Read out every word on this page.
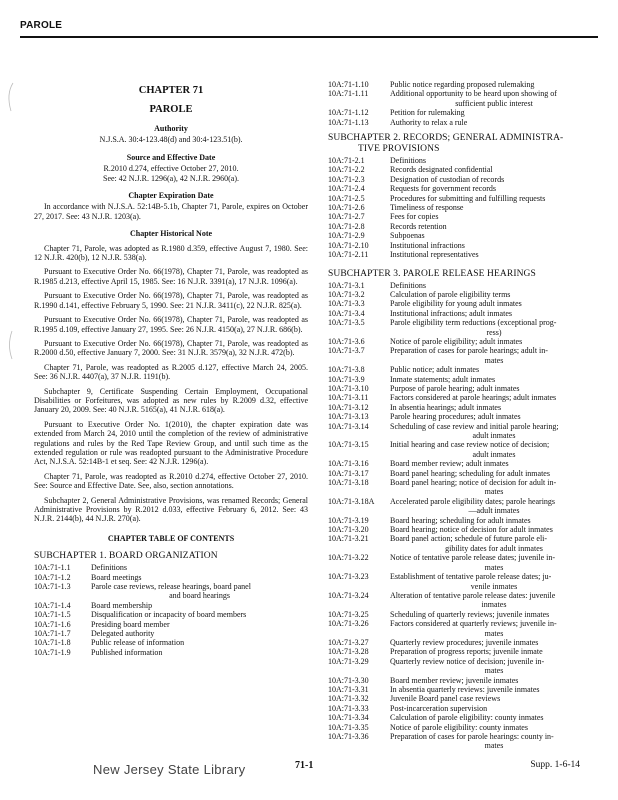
PAROLE
CHAPTER 71
PAROLE
Authority
N.J.S.A. 30:4-123.48(d) and 30:4-123.51(b).
Source and Effective Date
R.2010 d.274, effective October 27, 2010.
See: 42 N.J.R. 1296(a), 42 N.J.R. 2960(a).
Chapter Expiration Date

In accordance with N.J.S.A. 52:14B-5.1b, Chapter 71, Parole, expires on October 27, 2017. See: 43 N.J.R. 1203(a).

Chapter Historical Note

Chapter 71, Parole, was adopted as R.1980 d.359, effective August 7, 1980. See: 12 N.J.R. 420(b), 12 N.J.R. 538(a).

Pursuant to Executive Order No. 66(1978), Chapter 71, Parole, was readopted as R.1985 d.213, effective April 15, 1985. See: 16 N.J.R. 3391(a), 17 N.J.R. 1096(a).

Pursuant to Executive Order No. 66(1978), Chapter 71, Parole, was readopted as R.1990 d.141, effective February 5, 1990. See: 21 N.J.R. 3411(c), 22 N.J.R. 825(a).

Pursuant to Executive Order No. 66(1978), Chapter 71, Parole, was readopted as R.1995 d.109, effective January 27, 1995. See: 26 N.J.R. 4150(a), 27 N.J.R. 686(b).

Pursuant to Executive Order No. 66(1978), Chapter 71, Parole, was readopted as R.2000 d.50, effective January 7, 2000. See: 31 N.J.R. 3579(a), 32 N.J.R. 472(b).

Chapter 71, Parole, was readopted as R.2005 d.127, effective March 24, 2005. See: 36 N.J.R. 4407(a), 37 N.J.R. 1191(b).

Subchapter 9, Certificate Suspending Certain Employment, Occupational Disabilities or Forfeitures, was adopted as new rules by R.2009 d.32, effective January 20, 2009. See: 40 N.J.R. 5165(a), 41 N.J.R. 618(a).

Pursuant to Executive Order No. 1(2010), the chapter expiration date was extended from March 24, 2010 until the completion of the review of administrative regulations and rules by the Red Tape Review Group, and until such time as the extended regulation or rule was readopted pursuant to the Administrative Procedure Act, N.J.S.A. 52:14B-1 et seq. See: 42 N.J.R. 1296(a).

Chapter 71, Parole, was readopted as R.2010 d.274, effective October 27, 2010. See: Source and Effective Date. See, also, section annotations.

Subchapter 2, General Administrative Provisions, was renamed Records; General Administrative Provisions by R.2012 d.033, effective February 6, 2012. See: 43 N.J.R. 2144(b), 44 N.J.R. 270(a).

CHAPTER TABLE OF CONTENTS
SUBCHAPTER 1. BOARD ORGANIZATION
10A:71-1.1	Definitions
10A:71-1.2	Board meetings
10A:71-1.3	Parole case reviews, release hearings, board panel
and board hearings
10A:71-1.4	Board membership
10A:71-1.5	Disqualification or incapacity of board members
10A:71-1.6	Presiding board member
10A:71-1.7	Delegated authority
10A:71-1.8	Public release of information
10A:71-1.9	Published information
10A:71-1.10	Public notice regarding proposed rulemaking
10A:71-1.11	Additional opportunity to be heard upon showing of
sufficient public interest
10A:71-1.12	Petition for rulemaking
10A:71-1.13	Authority to relax a rule
SUBCHAPTER 2. RECORDS; GENERAL ADMINISTRA-
TIVE PROVISIONS
10A:71-2.1	Definitions
10A:71-2.2	Records designated confidential
10A:71-2.3	Designation of custodian of records
10A:71-2.4	Requests for government records
10A:71-2.5	Procedures for submitting and fulfilling requests
10A:71-2.6	Timeliness of response
10A:71-2.7	Fees for copies
10A:71-2.8	Records retention
10A:71-2.9	Subpoenas
10A:71-2.10	Institutional infractions
10A:71-2.11	Institutional representatives
SUBCHAPTER 3. PAROLE RELEASE HEARINGS
10A:71-3.1	Definitions
10A:71-3.2	Calculation of parole eligibility terms
10A:71-3.3	Parole eligibility for young adult inmates
10A:71-3.4	Institutional infractions; adult inmates
10A:71-3.5	Parole eligibility term reductions (exceptional prog-
ress)
10A:71-3.6	Notice of parole eligibility; adult inmates
10A:71-3.7	Preparation of cases for parole hearings; adult in-
mates
10A:71-3.8	Public notice; adult inmates
10A:71-3.9	Inmate statements; adult inmates
10A:71-3.10	Purpose of parole hearing; adult inmates
10A:71-3.11	Factors considered at parole hearings; adult inmates
10A:71-3.12	In absentia hearings; adult inmates
10A:71-3.13	Parole hearing procedures; adult inmates
10A:71-3.14	Scheduling of case review and initial parole hearing;
adult inmates
10A:71-3.15	Initial hearing and case review notice of decision;
adult inmates
10A:71-3.16	Board member review; adult inmates
10A:71-3.17	Board panel hearing; scheduling for adult inmates
10A:71-3.18	Board panel hearing; notice of decision for adult in-
mates
10A:71-3.18A	Accelerated parole eligibility dates; parole hearings
—adult inmates
10A:71-3.19	Board hearing; scheduling for adult inmates
10A:71-3.20	Board hearing; notice of decision for adult inmates
10A:71-3.21	Board panel action; schedule of future parole eli-
gibility dates for adult inmates
10A:71-3.22	Notice of tentative parole release dates; juvenile in-
mates
10A:71-3.23	Establishment of tentative parole release dates; ju-
venile inmates
10A:71-3.24	Alteration of tentative parole release dates: juvenile
inmates
10A:71-3.25	Scheduling of quarterly reviews; juvenile inmates
10A:71-3.26	Factors considered at quarterly reviews; juvenile in-
mates
10A:71-3.27	Quarterly review procedures; juvenile inmates
10A:71-3.28	Preparation of progress reports; juvenile inmate
10A:71-3.29	Quarterly review notice of decision; juvenile in-
mates
10A:71-3.30	Board member review; juvenile inmates
10A:71-3.31	In absentia quarterly reviews: juvenile inmates
10A:71-3.32	Juvenile Board panel case reviews
10A:71-3.33	Post-incarceration supervision
10A:71-3.34	Calculation of parole eligibility: county inmates
10A:71-3.35	Notice of parole eligibility: county inmates
10A:71-3.36	Preparation of cases for parole hearings: county in-
mates
New Jersey State Library	71-1	Supp. 1-6-14
